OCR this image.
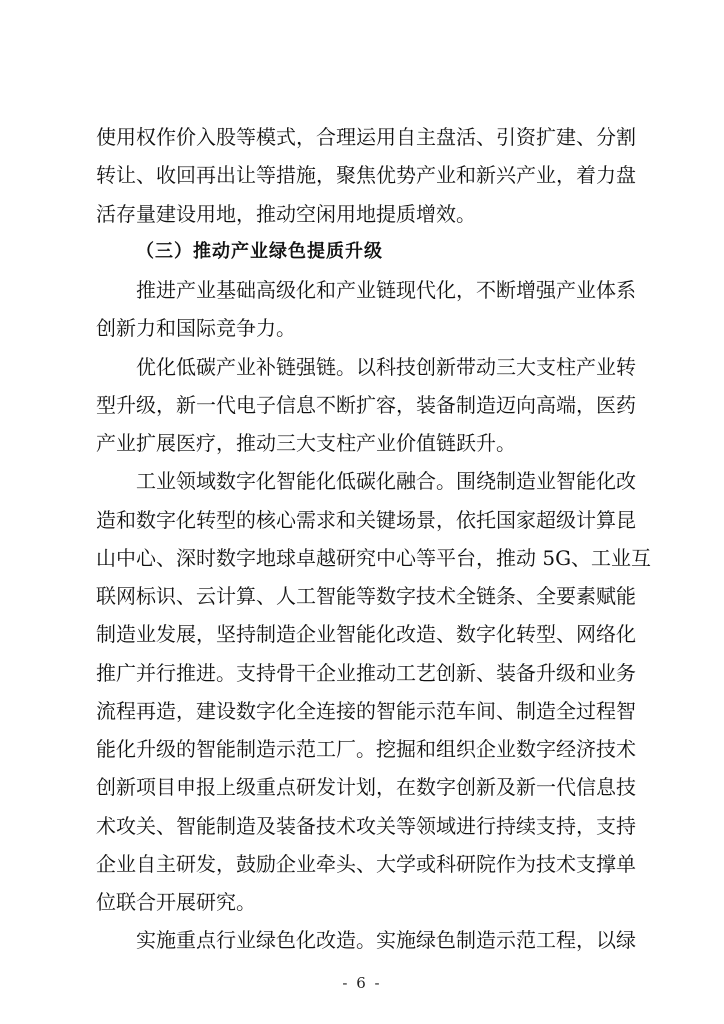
使用权作价入股等模式，合理运用自主盘活、引资扩建、分割
转让、收回再出让等措施，聚焦优势产业和新兴产业，着力盘
活存量建设用地，推动空闲用地提质增效。
（三）推动产业绿色提质升级
推进产业基础高级化和产业链现代化，不断增强产业体系
创新力和国际竞争力。
优化低碳产业补链强链。以科技创新带动三大支柱产业转
型升级，新一代电子信息不断扩容，装备制造迈向高端，医药
产业扩展医疗，推动三大支柱产业价值链跃升。
工业领域数字化智能化低碳化融合。围绕制造业智能化改
造和数字化转型的核心需求和关键场景，依托国家超级计算昆
山中心、深时数字地球卓越研究中心等平台，推动 5G、工业互
联网标识、云计算、人工智能等数字技术全链条、全要素赋能
制造业发展，坚持制造企业智能化改造、数字化转型、网络化
推广并行推进。支持骨干企业推动工艺创新、装备升级和业务
流程再造，建设数字化全连接的智能示范车间、制造全过程智
能化升级的智能制造示范工厂。挖掘和组织企业数字经济技术
创新项目申报上级重点研发计划，在数字创新及新一代信息技
术攻关、智能制造及装备技术攻关等领域进行持续支持，支持
企业自主研发，鼓励企业牵头、大学或科研院作为技术支撑单
位联合开展研究。
实施重点行业绿色化改造。实施绿色制造示范工程，以绿
- 6 -
